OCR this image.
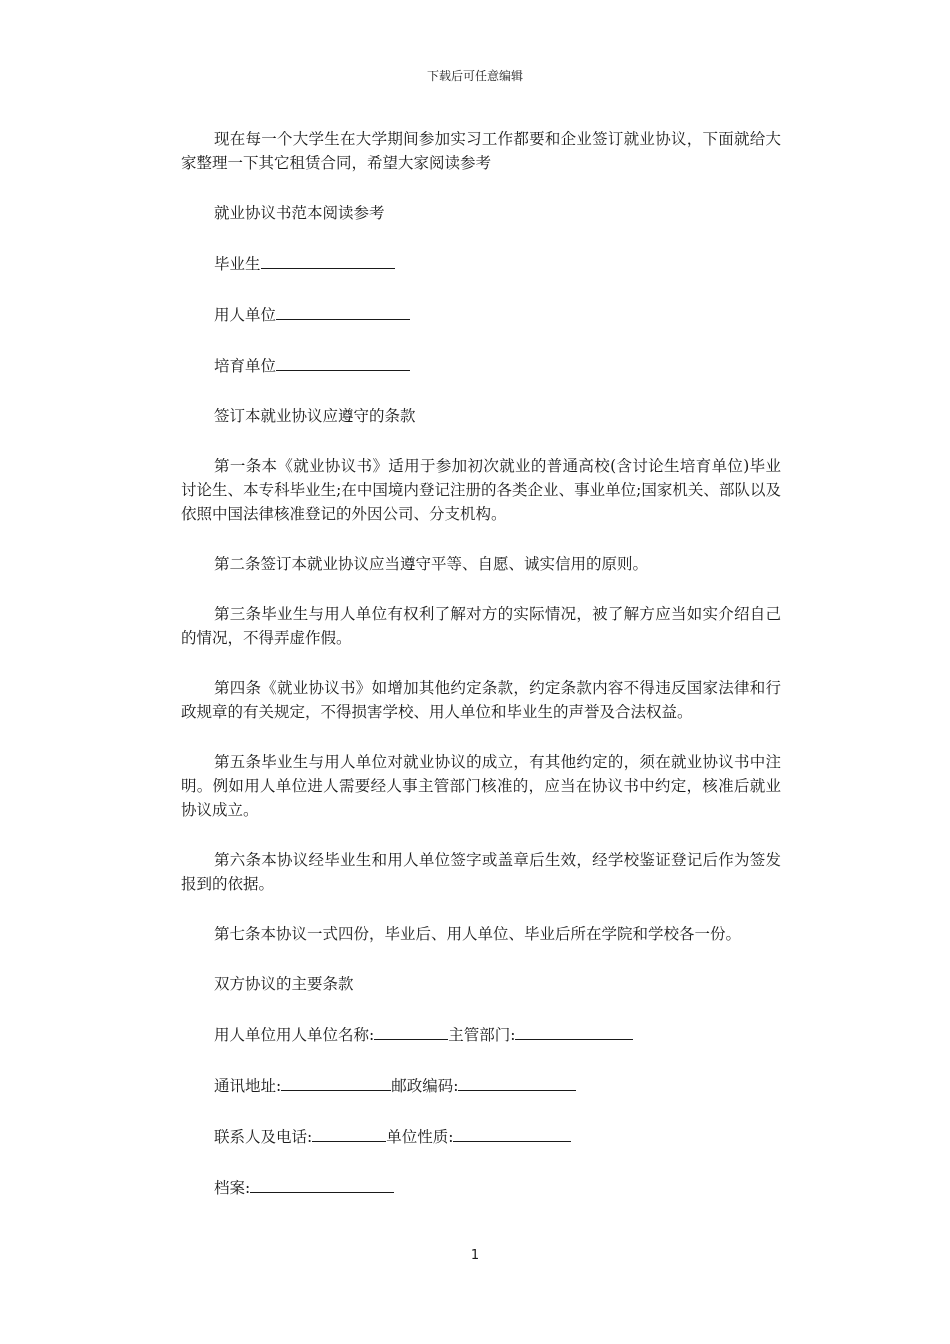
下载后可任意编辑

现在每一个大学生在大学期间参加实习工作都要和企业签订就业协议，下面就给大家整理一下其它租赁合同，希望大家阅读参考

就业协议书范本阅读参考

毕业生
用人单位
培育单位

签订本就业协议应遵守的条款

第一条本《就业协议书》适用于参加初次就业的普通高校(含讨论生培育单位)毕业讨论生、本专科毕业生;在中国境内登记注册的各类企业、事业单位;国家机关、部队以及依照中国法律核准登记的外因公司、分支机构。

第二条签订本就业协议应当遵守平等、自愿、诚实信用的原则。

第三条毕业生与用人单位有权利了解对方的实际情况，被了解方应当如实介绍自己的情况，不得弄虚作假。

第四条《就业协议书》如增加其他约定条款，约定条款内容不得违反国家法律和行政规章的有关规定，不得损害学校、用人单位和毕业生的声誉及合法权益。

第五条毕业生与用人单位对就业协议的成立，有其他约定的，须在就业协议书中注明。例如用人单位进人需要经人事主管部门核准的，应当在协议书中约定，核准后就业协议成立。

第六条本协议经毕业生和用人单位签字或盖章后生效，经学校鉴证登记后作为签发报到的依据。

第七条本协议一式四份，毕业后、用人单位、毕业后所在学院和学校各一份。

双方协议的主要条款

用人单位用人单位名称:	主管部门:
通讯地址:	邮政编码:
联系人及电话:	单位性质:
档案:
1
